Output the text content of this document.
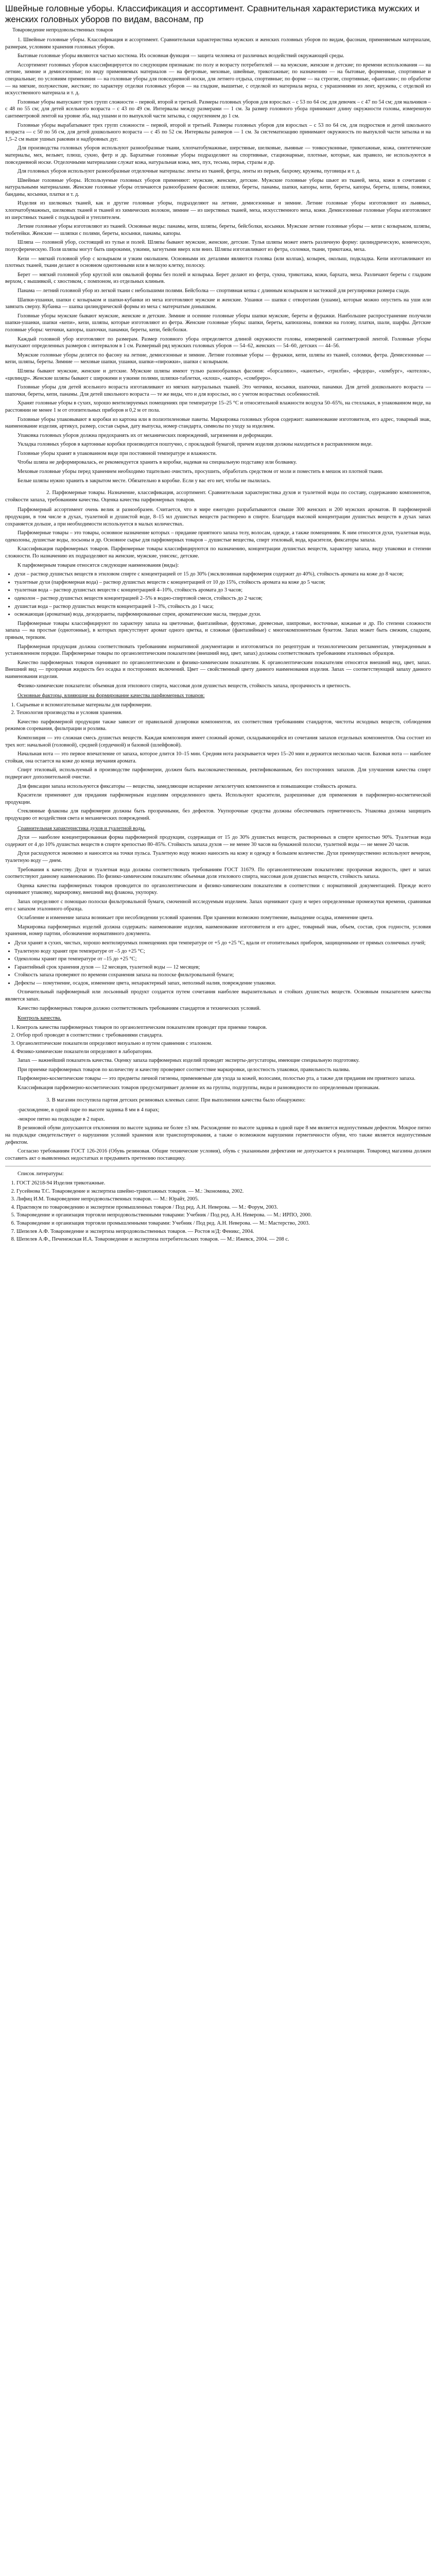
Швейные головные уборы. Классификация и ассортимент. Сравнительная характеристика мужских и женских головных уборов по видам, васонам, пр
Товароведение непродовольственных товаров

1. Швейные головные уборы. Классификация и ассортимент. Сравнительная характеристика мужских и женских головных уборов по видам, фасонам, применяемым материалам, размерам, условиям хранения головных уборов.

Бытовые головные уборы являются частью костюма. Их основная функция — защита человека от различных воздействий окружающей среды.

Ассортимент головных уборов классифицируется по следующим признакам: по полу и возрасту потребителей — на мужские, женские и детские; по времени использования — на летние, зимние и демисезонные; по виду применяемых материалов — на фетровые, меховые, швейные, трикотажные; по назначению — на бытовые, форменные, спортивные и специальные; по условиям применения — на головные уборы для повседневной носки, для летнего отдыха, спортивные; по форме — на строгие, спортивные, «фантазии»; по обработке — на мягкие, полужесткие, жесткие; по характеру отделки головных уборов — на гладкие, вышитые, с отделкой из материала верха, с украшениями из лент, кружева, с отделкой из искусственного материала и т. д.

Головные уборы выпускают трех групп сложности – первой, второй и третьей. Размеры головных уборов для взрослых – с 53 по 64 см; для девочек – с 47 по 54 см; для мальчиков – с 48 по 55 см; для детей ясельного возраста – с 43 по 49 см. Интервалы между размерами — 1 см. За размер головного убора принимают длину окружности головы, измеренную сантиметровой лентой на уровне лба, над ушами и по выпуклой части затылка, с округлением до 1 см.

Головные уборы вырабатывают трех групп сложности – первой, второй и третьей. Размеры головных уборов для взрослых – с 53 по 64 см, для подростков и детей школьного возраста — с 50 по 56 см, для детей дошкольного возраста — с 45 по 52 см. Интервалы размеров — 1 см. За систематизацию принимают окружность по выпуклой части затылка и на 1,5–2 см выше ушных раковин и надбровных дуг.

Для производства головных уборов используют разнообразные ткани, хлопчатобумажные, шерстяные, шелковые, льняные — тонкосуконные, трикотажные, кожа, синтетические материалы, мех, вельвет, плюш, сукно, фетр и др. Бархатные головные уборы подразделяют на спортивные, стационарные, плотные, которые, как правило, не используются в повседневной носке. Отделочными материалами служат кожа, натуральная кожа, мех, пух, тесьма, перья, стразы и др.

Для головных уборов используют разнообразные отделочные материалы: ленты из тканей, фетра, ленты из перьев, бахрому, кружева, пуговицы и т. д.

Швейные головные уборы. Используемые головных уборов применяют: мужские, женские, детские. Мужские головные уборы шьют из тканей, меха, кожи в сочетании с натуральными материалами. Женские головные уборы отличаются разнообразием фасонов: шляпки, береты, панамы, шапки, капоры, кепи, береты, капоры, береты, шляпы, повязки, банданы, косынки, платки и т. д.

Изделия из шелковых тканей, как и другие головные уборы, подразделяют на летние, демисезонные и зимние. Летние головные уборы изготовляют из льняных, хлопчатобумажных, шелковых тканей и тканей из химических волокон, зимние — из шерстяных тканей, меха, искусственного меха, кожи. Демисезонные головные уборы изготовляют из шерстяных тканей с подкладкой и утеплителем.

Летние головные уборы изготовляют из тканей. Основные виды: панамы, кепи, шляпы, береты, бейсболки, косынки. Мужские летние головные уборы — кепи с козырьком, шляпы, тюбетейки. Женские — шляпки с полями, береты, косынки, панамы, капоры.

Шляпа — головной убор, состоящий из тульи и полей. Шляпы бывают мужские, женские, детские. Тулья шляпы может иметь различную форму: цилиндрическую, коническую, полусферическую. Поля шляпы могут быть широкими, узкими, загнутыми вверх или вниз. Шляпы изготавливают из фетра, соломки, ткани, трикотажа, меха.

Кепи — мягкий головной убор с козырьком и узким околышем. Основными их деталями являются головка (или колпак), козырек, околыш, подкладка. Кепи изготавливают из плотных тканей, ткани делают в основном однотонными или в мелкую клетку, полоску.

Берет — мягкий головной убор круглой или овальной формы без полей и козырька. Берет делают из фетра, сукна, трикотажа, кожи, бархата, меха. Различают береты с гладким верхом, с вышивкой, с хвостиком, с помпоном, из отдельных клиньев.

Панама — летний головной убор из легкой ткани с небольшими полями. Бейсболка — спортивная кепка с длинным козырьком и застежкой для регулировки размера сзади.

Шапки-ушанки, шапки с козырьком и шапки-кубанки из меха изготовляют мужские и женские. Ушанки — шапки с отворотами (ушами), которые можно опустить на уши или завязать сверху. Кубанка — шапка цилиндрической формы из меха с матерчатым донышком.

Головные уборы мужские бывают мужские, женские и детские. Зимние и осенние головные уборы шапки мужские, береты и фуражки. Наибольшее распространение получили шапки-ушанки, шапки «кепи», кепи, шляпы, которые изготовляют из фетра. Женские головные уборы: шапки, береты, капюшоны, повязки на голову, платки, шали, шарфы. Детские головные уборы: чепчики, капоры, шапочки, панамки, береты, кепи, бейсболки.

Каждый головной убор изготовляют по размерам. Размер головного убора определяется длиной окружности головы, измеряемой сантиметровой лентой. Головные уборы выпускают определенных размеров с интервалом в 1 см. Размерный ряд мужских головных уборов — 54–62, женских — 54–60, детских — 44–56.

Мужские головные уборы делятся по фасону на летние, демисезонные и зимние. Летние головные уборы — фуражки, кепи, шляпы из тканей, соломки, фетра. Демисезонные — кепи, шляпы, береты. Зимние — меховые шапки, ушанки, шапки-«пирожки», шапки с козырьком.

Шляпы бывают мужские, женские и детские. Мужские шляпы имеют тулью разнообразных фасонов: «борсалино», «канотье», «трилби», «федора», «хомбург», «котелок», «цилиндр». Женские шляпы бывают с широкими и узкими полями, шляпки-таблетки, «клош», «капор», «сомбреро».

Головные уборы для детей ясельного возраста изготавливают из мягких натуральных тканей. Это чепчики, косынки, шапочки, панамки. Для детей дошкольного возраста — шапочки, береты, кепи, панамы. Для детей школьного возраста — те же виды, что и для взрослых, но с учетом возрастных особенностей.

Хранят головные уборы в сухих, хорошо вентилируемых помещениях при температуре 15–25 °С и относительной влажности воздуха 50–65%, на стеллажах, в упакованном виде, на расстоянии не менее 1 м от отопительных приборов и 0,2 м от пола.

Головные уборы упаковывают в коробки из картона или в полиэтиленовые пакеты. Маркировка головных уборов содержит: наименование изготовителя, его адрес, товарный знак, наименование изделия, артикул, размер, состав сырья, дату выпуска, номер стандарта, символы по уходу за изделием.

Упаковка головных уборов должна предохранять их от механических повреждений, загрязнения и деформации.

Укладка головных уборов в картонные коробки производится поштучно, с прокладкой бумагой, причем изделия должны находиться в расправленном виде.

Головные уборы хранят в упакованном виде при постоянной температуре и влажности.

Чтобы шляпа не деформировалась, ее рекомендуется хранить в коробке, надевая на специальную подставку или болванку.

Меховые головные уборы перед хранением необходимо тщательно очистить, просушить, обработать средством от моли и поместить в мешок из плотной ткани.

Белые шляпы нужно хранить в закрытом месте. Обязательно в коробке. Если у вас его нет, чтобы не пылилась.

2. Парфюмерные товары. Назначение, классификация, ассортимент. Сравнительная характеристика духов и туалетной воды по составу, содержанию компонентов, стойкости запаха, требованиям качества. Оценка качества парфюмерных товаров.

Парфюмерный ассортимент очень велик и разнообразен. Считается, что в мире ежегодно разрабатываются свыше 300 женских и 200 мужских ароматов. В парфюмерной продукции, в том числе в духах, туалетной и душистой воде, 8–15 мл душистых веществ растворено в спирте. Благодаря высокой концентрации душистых веществ в духах запах сохраняется дольше, а при необходимости используется в малых количествах.

Парфюмерные товары – это товары, основное назначение которых – придание приятного запаха телу, волосам, одежде, а также помещениям. К ним относятся духи, туалетная вода, одеколоны, душистые воды, лосьоны и др. Основное сырье для парфюмерных товаров – душистые вещества, спирт этиловый, вода, красители, фиксаторы запаха.

Классификация парфюмерных товаров. Парфюмерные товары классифицируются по назначению, концентрации душистых веществ, характеру запаха, виду упаковки и степени сложности. По назначению их подразделяют на женские, мужские, унисекс, детские.

К парфюмерным товарам относятся следующие наименования (виды):

• духи – раствор душистых веществ в этиловом спирте с концентрацией от 15 до 30% (эксклюзивная парфюмерия содержит до 40%), стойкость аромата на коже до 8 часов;
• туалетные духи (парфюмерная вода) – раствор душистых веществ с концентрацией от 10 до 15%, стойкость аромата на коже до 5 часов;
• туалетная вода – раствор душистых веществ с концентрацией 4–10%, стойкость аромата до 3 часов;
• одеколон – раствор душистых веществ концентрацией 2–5% в водно-спиртовой смеси, стойкость до 2 часов;
• душистая вода – раствор душистых веществ концентрацией 1–3%, стойкость до 1 часа;
• освежающая (ароматная) вода, дезодоранты, парфюмированные спреи, ароматические масла, твердые духи.

Парфюмерные товары классифицируют по характеру запаха на цветочные, фантазийные, фруктовые, древесные, шипровые, восточные, кожаные и др. По степени сложности запаха — на простые (однотонные), в которых присутствует аромат одного цветка, и сложные (фантазийные) с многокомпонентным букетом. Запах может быть свежим, сладким, пряным, терпким.

Парфюмерная продукция должна соответствовать требованиям нормативной документации и изготовляться по рецептурам и технологическим регламентам, утвержденным в установленном порядке. Парфюмерные товары по органолептическим показателям (внешний вид, цвет, запах) должны соответствовать требованиям эталонных образцов.

Качество парфюмерных товаров оценивают по органолептическим и физико-химическим показателям. К органолептическим показателям относятся внешний вид, цвет, запах. Внешний вид — прозрачная жидкость без осадка и посторонних включений. Цвет — свойственный цвету данного наименования изделия. Запах — соответствующий запаху данного наименования изделия.

Физико-химические показатели: объемная доля этилового спирта, массовая доля душистых веществ, стойкость запаха, прозрачность и цветность.

Основные факторы, влияющие на формирование качества парфюмерных товаров:
1. Сырьевые и вспомогательные материалы для парфюмерии.
2. Технология производства и условия хранения.

Качество парфюмерной продукции также зависит от правильной дозировки компонентов, их соответствия требованиям стандартов, чистоты исходных веществ, соблюдения режимов созревания, фильтрации и розлива.

Композиция — это сложная смесь душистых веществ. Каждая композиция имеет сложный аромат, складывающийся из сочетания запахов отдельных компонентов. Она состоит из трех нот: начальной (головной), средней (сердечной) и базовой (шлейфовой).

Начальная нота — это первое впечатление от запаха, которое длится 10–15 мин. Средняя нота раскрывается через 15–20 мин и держится несколько часов. Базовая нота — наиболее стойкая, она остается на коже до конца звучания аромата.

Спирт этиловый, используемый в производстве парфюмерии, должен быть высококачественным, ректификованным, без посторонних запахов. Для улучшения качества спирт подвергают дополнительной очистке.

Для фиксации запаха используются фиксаторы — вещества, замедляющие испарение легколетучих компонентов и повышающие стойкость аромата.

Красители применяют для придания парфюмерным изделиям определенного цвета. Используют красители, разрешенные для применения в парфюмерно-косметической продукции.

Стеклянные флаконы для парфюмерии должны быть прозрачными, без дефектов. Укупорочные средства должны обеспечивать герметичность. Упаковка должна защищать продукцию от воздействия света и механических повреждений.

Сравнительная характеристика духов и туалетной воды.

Духи — наиболее концентрированная форма парфюмерной продукции, содержащая от 15 до 30% душистых веществ, растворенных в спирте крепостью 90%. Туалетная вода содержит от 4 до 10% душистых веществ в спирте крепостью 80–85%. Стойкость запаха духов — не менее 30 часов на бумажной полоске, туалетной воды — не менее 20 часов.

Духи расходуются экономно и наносятся на точки пульса. Туалетную воду можно наносить на кожу и одежду в большем количестве. Духи преимущественно используют вечером, туалетную воду — днем.

Требования к качеству. Духи и туалетная вода должны соответствовать требованиям ГОСТ 31679. По органолептическим показателям: прозрачная жидкость, цвет и запах соответствуют данному наименованию. По физико-химическим показателям: объемная доля этилового спирта, массовая доля душистых веществ, стойкость запаха.

Оценка качества парфюмерных товаров проводится по органолептическим и физико-химическим показателям в соответствии с нормативной документацией. Прежде всего оценивают упаковку, маркировку, внешний вид флакона, укупорку.

Запах определяют с помощью полоски фильтровальной бумаги, смоченной исследуемым изделием. Запах оценивают сразу и через определенные промежутки времени, сравнивая его с запахом эталонного образца.

Ослабление и изменение запаха возникает при несоблюдении условий хранения. При хранении возможно помутнение, выпадение осадка, изменение цвета.

Маркировка парфюмерных изделий должна содержать: наименование изделия, наименование изготовителя и его адрес, товарный знак, объем, состав, срок годности, условия хранения, номер партии, обозначение нормативного документа.

• Духи хранят в сухих, чистых, хорошо вентилируемых помещениях при температуре от +5 до +25 °С, вдали от отопительных приборов, защищенными от прямых солнечных лучей;
• Туалетную воду хранят при температуре от –5 до +25 °С;
• Одеколоны хранят при температуре от –15 до +25 °С;
• Гарантийный срок хранения духов — 12 месяцев, туалетной воды — 12 месяцев;
• Стойкость запаха проверяют по времени сохранения запаха на полоске фильтровальной бумаги;
• Дефекты — помутнение, осадок, изменение цвета, нехарактерный запах, неполный налив, повреждение упаковки.

Отличительный парфюмерный или лосьонный продукт создается путем сочетания наиболее выразительных и стойких душистых веществ. Основным показателем качества является запах.

Качество парфюмерных товаров должно соответствовать требованиям стандартов и технических условий.

Контроль качества.
1. Контроль качества парфюмерных товаров по органолептическим показателям проводят при приемке товаров.
2. Отбор проб проводят в соответствии с требованиями стандарта.
3. Органолептические показатели определяют визуально и путем сравнения с эталоном.
4. Физико-химические показатели определяют в лаборатории.

Запах — важнейший показатель качества. Оценку запаха парфюмерных изделий проводят эксперты-дегустаторы, имеющие специальную подготовку.

При приемке парфюмерных товаров по количеству и качеству проверяют соответствие маркировки, целостность упаковки, правильность налива.

Парфюмерно-косметические товары — это предметы личной гигиены, применяемые для ухода за кожей, волосами, полостью рта, а также для придания им приятного запаха.

Классификация парфюмерно-косметических товаров предусматривает деление их на группы, подгруппы, виды и разновидности по определенным признакам.

3. В магазин поступила партия детских резиновых клеевых сапог. При выполнении качества было обнаружено:

-расхождение, в одной паре по высоте задника 8 мм в 4 парах;

-мокрое пятно на подкладке в 2 парах.

В резиновой обуви допускаются отклонения по высоте задника не более ±3 мм. Расхождение по высоте задника в одной паре 8 мм является недопустимым дефектом. Мокрое пятно на подкладке свидетельствует о нарушении условий хранения или транспортирования, а также о возможном нарушении герметичности обуви, что также является недопустимым дефектом.

Согласно требованиям ГОСТ 126-2016 (Обувь резиновая. Общие технические условия), обувь с указанными дефектами не допускается к реализации. Товаровед магазина должен составить акт о выявленных недостатках и предъявить претензию поставщику.

Список литературы:

1. ГОСТ 26218-94 Изделия трикотажные.
2. Гусейнова Т.С. Товароведение и экспертиза швейно-трикотажных товаров. — М.: Экономика, 2002.
3. Лифиц И.М. Товароведение непродовольственных товаров. — М.: Юрайт, 2005.
4. Практикум по товароведению и экспертизе промышленных товаров / Под ред. А.Н. Неверова. — М.: Форум, 2003.
5. Товароведение и организация торговли непродовольственными товарами: Учебник / Под ред. А.Н. Неверова. — М.: ИРПО, 2000.
6. Товароведение и организация торговли промышленными товарами: Учебник / Под ред. А.Н. Неверова. — М.: Мастерство, 2003.
7. Шепелев А.Ф. Товароведение и экспертиза непродовольственных товаров. — Ростов н/Д: Феникс, 2004.
8. Шепелев А.Ф., Печенежская И.А. Товароведение и экспертиза потребительских товаров. — М.: Ижевск, 2004. — 208 с.
